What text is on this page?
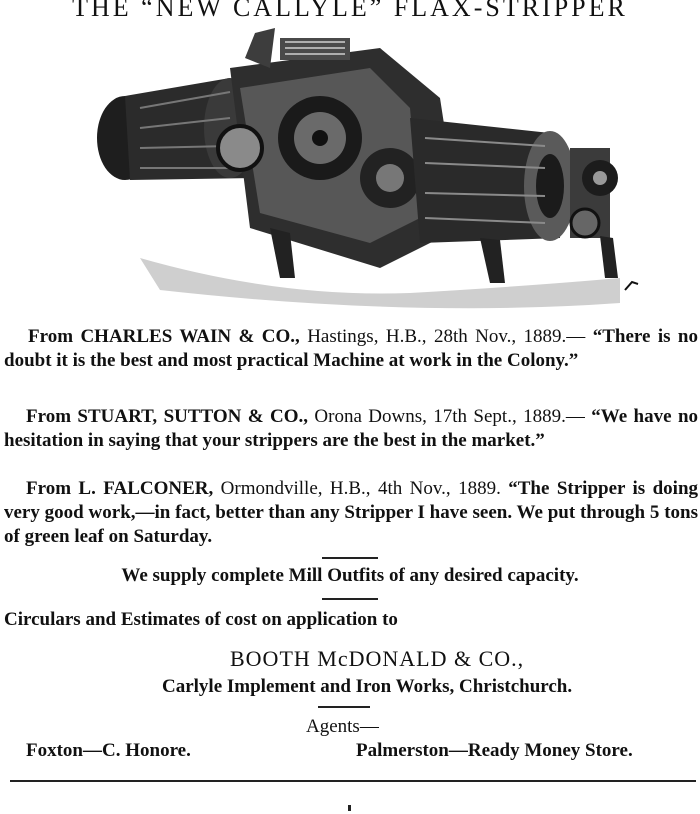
THE “NEW CALLYLE” FLAX-STRIPPER
From CHARLES WAIN & CO., Hastings, H.B., 28th Nov., 1889.— “There is no doubt it is the best and most practical Machine at work in the Colony.”
From STUART, SUTTON & CO., Orona Downs, 17th Sept., 1889.— “We have no hesitation in saying that your strippers are the best in the market.”
From L. FALCONER, Ormondville, H.B., 4th Nov., 1889. “The Stripper is doing very good work,—in fact, better than any Stripper I have seen. We put through 5 tons of green leaf on Saturday.
We supply complete Mill Outfits of any desired capacity.
Circulars and Estimates of cost on application to
BOOTH McDONALD & CO.,
Carlyle Implement and Iron Works, Christchurch.
Agents—
Foxton—C. Honore.	Palmerston—Ready Money Store.
